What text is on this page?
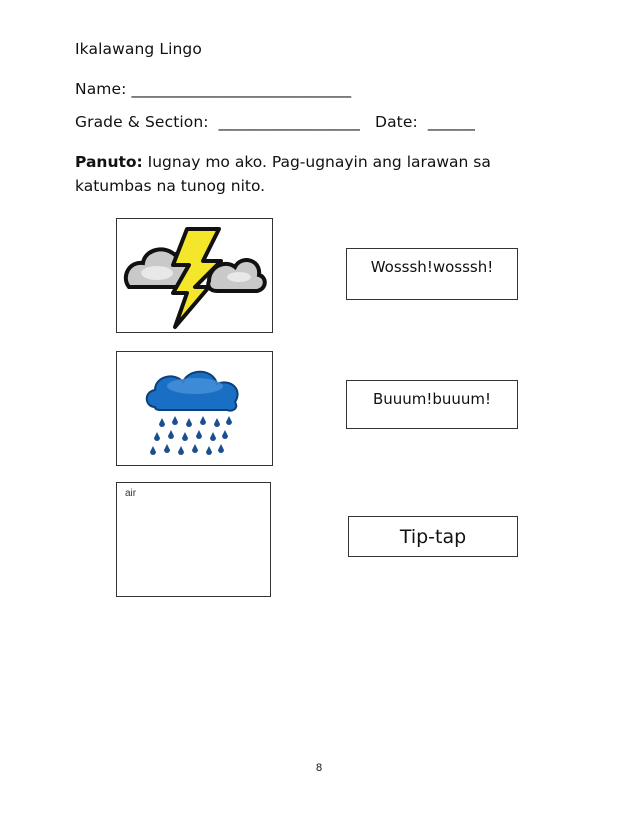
Ikalawang Lingo
Name: ____________________________
Grade & Section:  __________________   Date:  ______
Panuto: Iugnay mo ako. Pag-ugnayin ang larawan sa katumbas na tunog nito.
air
Wosssh!wosssh!
Buuum!buuum!
Tip-tap
8
